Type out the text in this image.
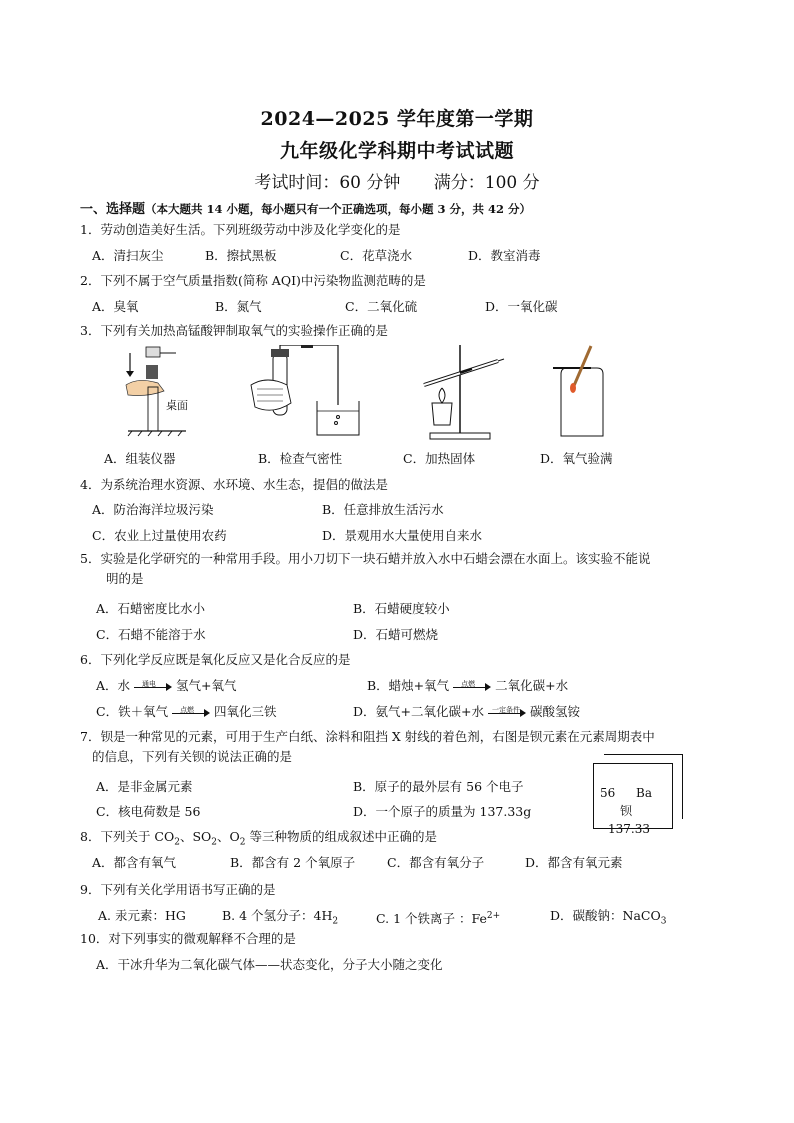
2024—2025 学年度第一学期
九年级化学科期中考试试题
考试时间：60 分钟 满分：100 分
一、选择题（本大题共 14 小题，每小题只有一个正确选项，每小题 3 分，共 42 分）
1．劳动创造美好生活。下列班级劳动中涉及化学变化的是
A．清扫灰尘	B．擦拭黑板	C．花草浇水	D．教室消毒
2．下列不属于空气质量指数(简称 AQI)中污染物监测范畴的是
A．臭氧	B．氮气	C．二氧化硫	D．一氧化碳
3．下列有关加热高锰酸钾制取氧气的实验操作正确的是
桌面
A．组装仪器	B．检查气密性	C．加热固体	D．氧气验满
4．为系统治理水资源、水环境、水生态，提倡的做法是
A．防治海洋垃圾污染	B．任意排放生活污水
C．农业上过量使用农药	D．景观用水大量使用自来水
5．实验是化学研究的一种常用手段。用小刀切下一块石蜡并放入水中石蜡会漂在水面上。该实验不能说
明的是
A．石蜡密度比水小	B．石蜡硬度较小
C．石蜡不能溶于水	D．石蜡可燃烧
6．下列化学反应既是氧化反应又是化合反应的是
A．水 通电 氢气+氧气	B．蜡烛+氧气 点燃 二氧化碳+水
C．铁＋氧气 点燃 四氧化三铁	D．氨气+二氧化碳+水 一定条件 碳酸氢铵
7．钡是一种常见的元素，可用于生产白纸、涂料和阻挡 X 射线的着色剂，右图是钡元素在元素周期表中
的信息，下列有关钡的说法正确的是
A．是非金属元素	B．原子的最外层有 56 个电子
C．核电荷数是 56	D．一个原子的质量为 137.33g
56 Ba
钡
137.33
8．下列关于 $CO_2$、$SO_2$、$O_2$ 等三种物质的组成叙述中正确的是
A．都含有氧气	B．都含有 2 个氧原子	C．都含有氧分子	D．都含有氧元素
9．下列有关化学用语书写正确的是
A. 汞元素：HG	B. 4 个氢分子：$4H_2$	C. 1 个铁离子 ：$Fe^{2+}$	D．碳酸钠：NaCO$_3$
10．对下列事实的微观解释不合理的是
A．干冰升华为二氧化碳气体——状态变化，分子大小随之变化
